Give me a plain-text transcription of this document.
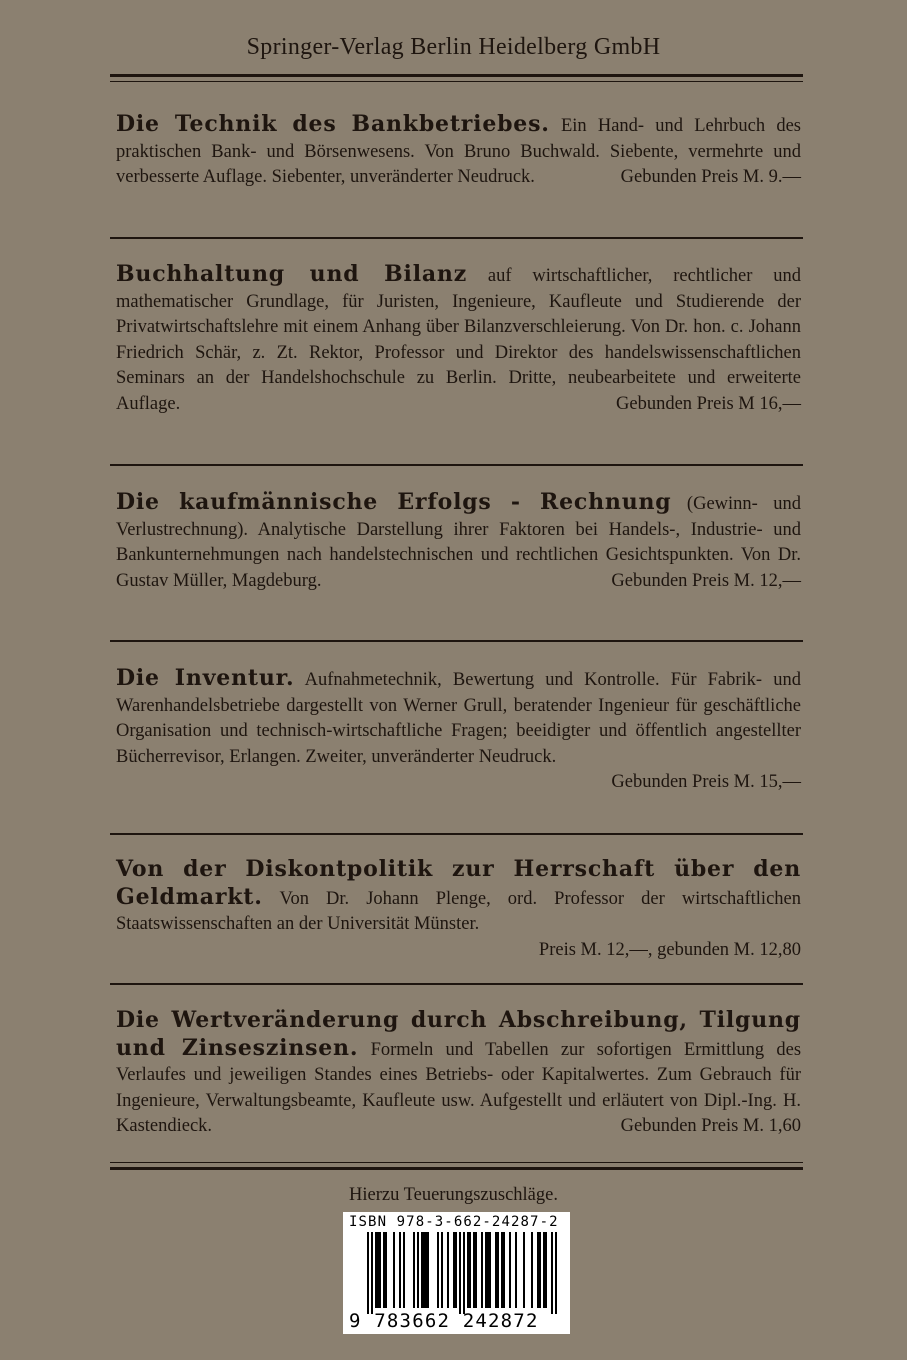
Springer-Verlag Berlin Heidelberg GmbH
Die Technik des Bankbetriebes. Ein Hand- und Lehrbuch des praktischen Bank- und Börsenwesens. Von Bruno Buchwald. Siebente, vermehrte und verbesserte Auflage. Siebenter, unveränderter Neudruck.	Gebunden Preis M. 9.—
Buchhaltung und Bilanz auf wirtschaftlicher, rechtlicher und mathematischer Grundlage, für Juristen, Ingenieure, Kaufleute und Studierende der Privatwirtschaftslehre mit einem Anhang über Bilanzverschleierung. Von Dr. hon. c. Johann Friedrich Schär, z. Zt. Rektor, Professor und Direktor des handelswissenschaftlichen Seminars an der Handelshochschule zu Berlin. Dritte, neubearbeitete und erweiterte Auflage.	Gebunden Preis M 16,—
Die kaufmännische Erfolgs - Rechnung (Gewinn- und Verlustrechnung). Analytische Darstellung ihrer Faktoren bei Handels-, Industrie- und Bankunternehmungen nach handelstechnischen und rechtlichen Gesichtspunkten. Von Dr. Gustav Müller, Magdeburg.	Gebunden Preis M. 12,—
Die Inventur. Aufnahmetechnik, Bewertung und Kontrolle. Für Fabrik- und Warenhandelsbetriebe dargestellt von Werner Grull, beratender Ingenieur für geschäftliche Organisation und technisch-wirtschaftliche Fragen; beeidigter und öffentlich angestellter Bücherrevisor, Erlangen. Zweiter, unveränderter Neudruck.
Gebunden Preis M. 15,—
Von der Diskontpolitik zur Herrschaft über den Geldmarkt. Von Dr. Johann Plenge, ord. Professor der wirtschaftlichen Staatswissenschaften an der Universität Münster.
Preis M. 12,—, gebunden M. 12,80
Die Wertveränderung durch Abschreibung, Tilgung und Zinseszinsen. Formeln und Tabellen zur sofortigen Ermittlung des Verlaufes und jeweiligen Standes eines Betriebs- oder Kapitalwertes. Zum Gebrauch für Ingenieure, Verwaltungsbeamte, Kaufleute usw. Aufgestellt und erläutert von Dipl.-Ing. H. Kastendieck.	Gebunden Preis M. 1,60
Hierzu Teuerungszuschläge.
ISBN 978-3-662-24287-2
9 783662 242872
